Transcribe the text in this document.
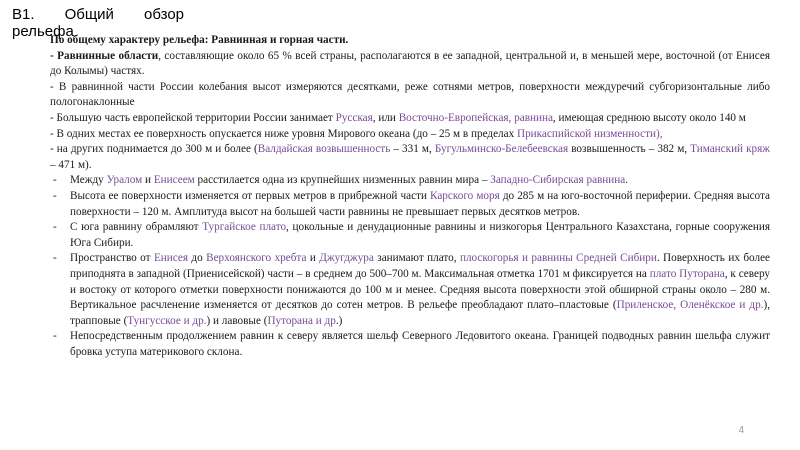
В1. Общий обзор
рельефа

По общему характеру рельефа: Равнинная и горная части.

- Равнинные области, составляющие около 65 % всей страны, располагаются в ее западной, центральной и, в меньшей мере, восточной (от Енисея до Колымы) частях.

- В равнинной части России колебания высот измеряются десятками, реже сотнями метров, поверхности междуречий субгоризонтальные либо пологонаклонные

- Большую часть европейской территории России занимает Русская, или Восточно-Европейская, равнина, имеющая среднюю высоту около 140 м

- В одних местах ее поверхность опускается ниже уровня Мирового океана (до – 25 м в пределах Прикаспийской низменности),

- на других поднимается до 300 м и более (Валдайская возвышенность – 331 м, Бугульминско-Белебеевская возвышенность – 382 м, Тиманский кряж – 471 м).

- Между Уралом и Енисеем расстилается одна из крупнейших низменных равнин мира – Западно-Сибирская равнина.
- Высота ее поверхности изменяется от первых метров в прибрежной части Карского моря до 285 м на юго-восточной периферии. Средняя высота поверхности – 120 м. Амплитуда высот на большей части равнины не превышает первых десятков метров.
- С юга равнину обрамляют Тургайское плато, цокольные и денудационные равнины и низкогорья Центрального Казахстана, горные сооружения Юга Сибири.
- Пространство от Енисея до Верхоянского хребта и Джугджура занимают плато, плоскогорья и равнины Средней Сибири. Поверхность их более приподнята в западной (Приенисейской) части – в среднем до 500–700 м. Максимальная отметка 1701 м фиксируется на плато Путорана, к северу и востоку от которого отметки поверхности понижаются до 100 м и менее. Средняя высота поверхности этой обширной страны около – 280 м. Вертикальное расчленение изменяется от десятков до сотен метров. В рельефе преобладают плато–пластовые (Приленское, Оленёкское и др.), трапповые (Тунгусское и др.) и лавовые (Путорана и др.)
- Непосредственным продолжением равнин к северу является шельф Северного Ледовитого океана. Границей подводных равнин шельфа служит бровка уступа материкового склона.
4
